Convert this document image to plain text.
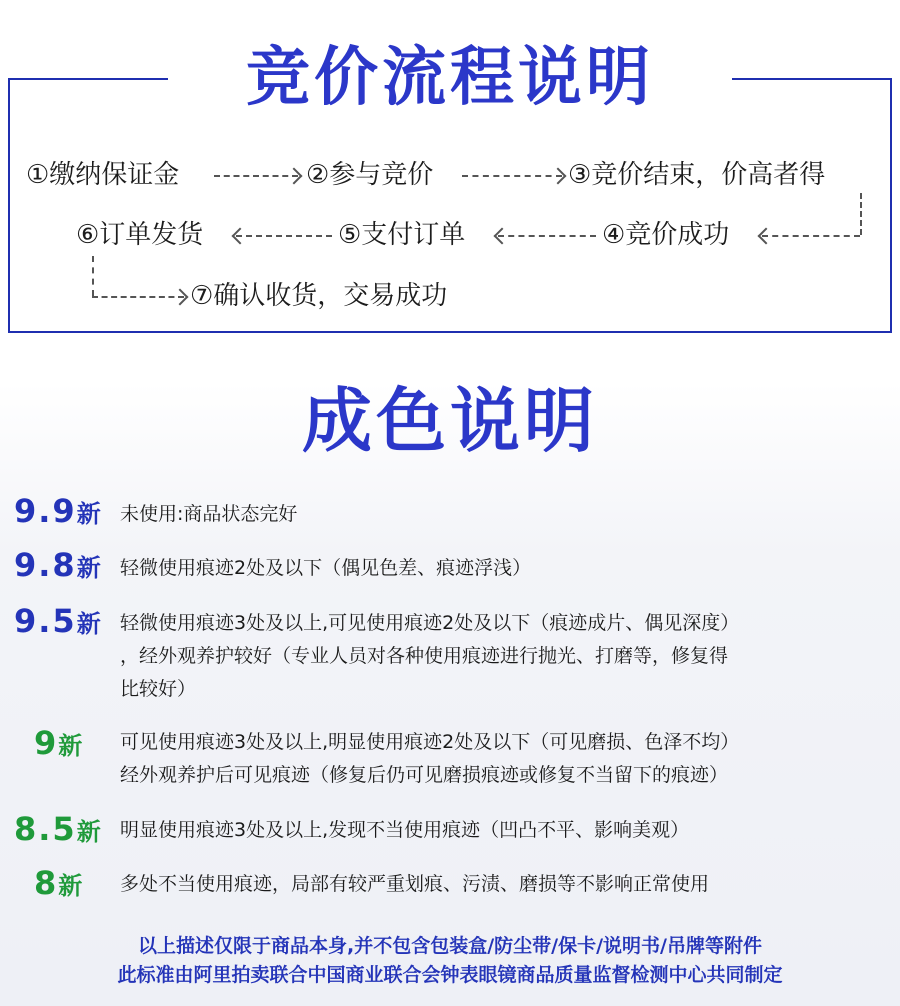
竞价流程说明
①缴纳保证金	②参与竞价	③竞价结束，价高者得
④竞价成功
⑤支付订单
⑥订单发货
⑦确认收货，交易成功
成色说明
9.9新 未使用:商品状态完好
9.8新 轻微使用痕迹2处及以下（偶见色差、痕迹浮浅）
9.5新 轻微使用痕迹3处及以上,可见使用痕迹2处及以下（痕迹成片、偶见深度）
，经外观养护较好（专业人员对各种使用痕迹进行抛光、打磨等，修复得
比较好）
9新 可见使用痕迹3处及以上,明显使用痕迹2处及以下（可见磨损、色泽不均）
经外观养护后可见痕迹（修复后仍可见磨损痕迹或修复不当留下的痕迹）
8.5新 明显使用痕迹3处及以上,发现不当使用痕迹（凹凸不平、影响美观）
8新 多处不当使用痕迹，局部有较严重划痕、污渍、磨损等不影响正常使用
以上描述仅限于商品本身,并不包含包装盒/防尘带/保卡/说明书/吊牌等附件
此标准由阿里拍卖联合中国商业联合会钟表眼镜商品质量监督检测中心共同制定
